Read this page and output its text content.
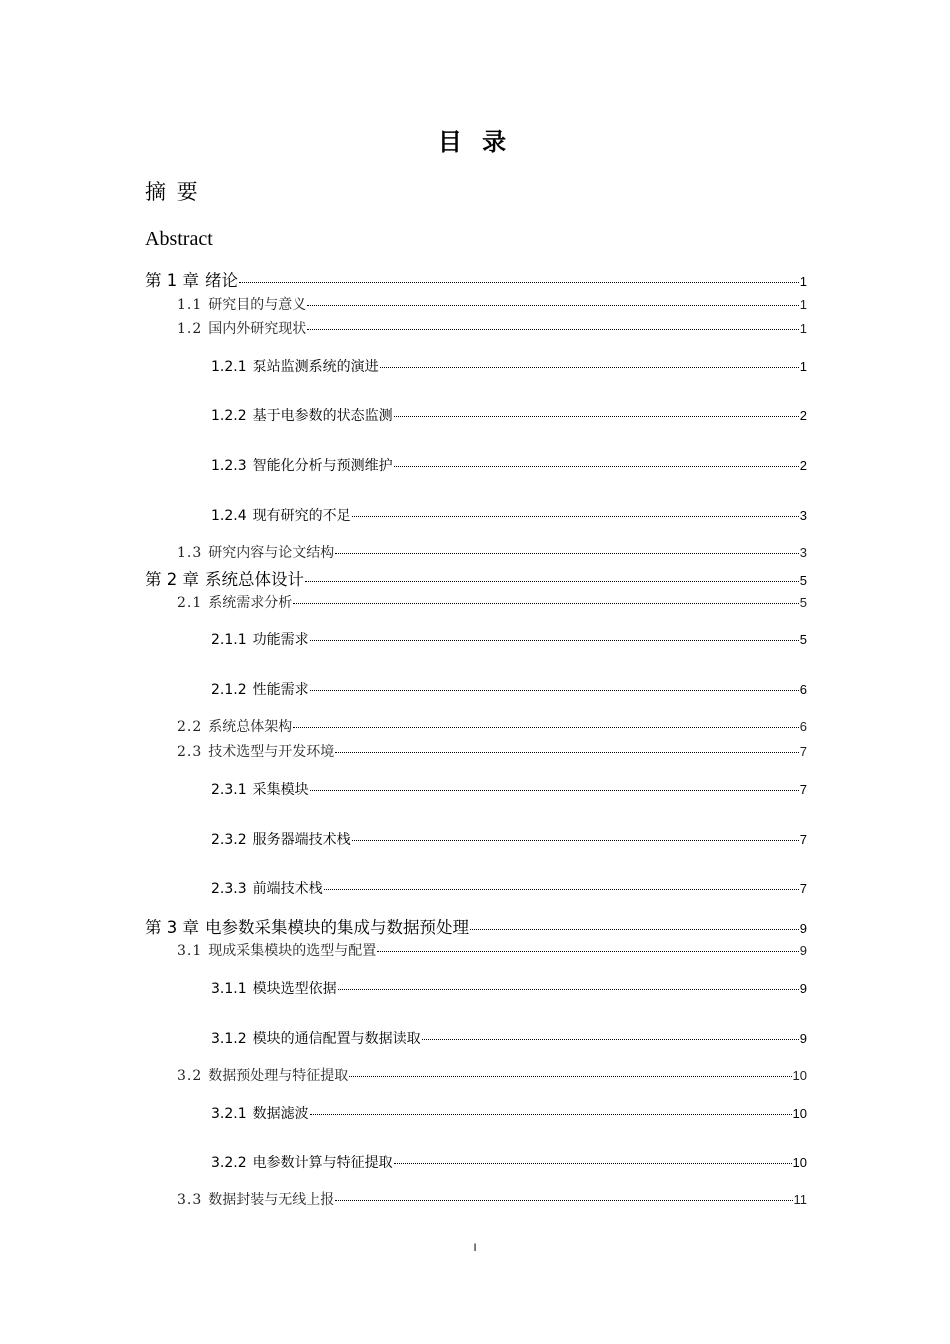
目 录
摘 要
Abstract
第 1 章 绪论	1
1.1 研究目的与意义	1
1.2 国内外研究现状	1
1.2.1 泵站监测系统的演进	1
1.2.2 基于电参数的状态监测	2
1.2.3 智能化分析与预测维护	2
1.2.4 现有研究的不足	3
1.3 研究内容与论文结构	3
第 2 章 系统总体设计	5
2.1 系统需求分析	5
2.1.1 功能需求	5
2.1.2 性能需求	6
2.2 系统总体架构	6
2.3 技术选型与开发环境	7
2.3.1 采集模块	7
2.3.2 服务器端技术栈	7
2.3.3 前端技术栈	7
第 3 章 电参数采集模块的集成与数据预处理	9
3.1 现成采集模块的选型与配置	9
3.1.1 模块选型依据	9
3.1.2 模块的通信配置与数据读取	9
3.2 数据预处理与特征提取	10
3.2.1 数据滤波	10
3.2.2 电参数计算与特征提取	10
3.3 数据封装与无线上报	11
I
